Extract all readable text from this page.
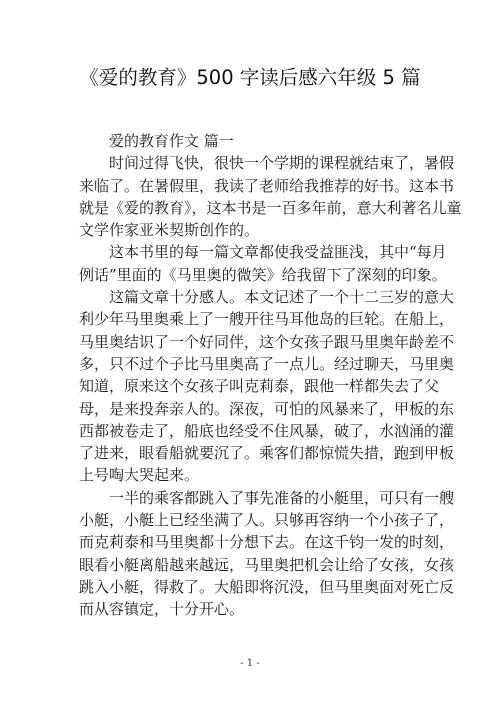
《爱的教育》500 字读后感六年级 5 篇

爱的教育作文 篇一

时间过得飞快，很快一个学期的课程就结束了，暑假

来临了。在暑假里，我读了老师给我推荐的好书。这本书

就是《爱的教育》，这本书是一百多年前，意大利著名儿童

文学作家亚米契斯创作的。

这本书里的每一篇文章都使我受益匪浅，其中“每月

例话”里面的《马里奥的微笑》给我留下了深刻的印象。

这篇文章十分感人。本文记述了一个十二三岁的意大

利少年马里奥乘上了一艘开往马耳他岛的巨轮。在船上，

马里奥结识了一个好同伴，这个女孩子跟马里奥年龄差不

多，只不过个子比马里奥高了一点儿。经过聊天，马里奥

知道，原来这个女孩子叫克莉泰，跟他一样都失去了父

母，是来投奔亲人的。深夜，可怕的风暴来了，甲板的东

西都被卷走了，船底也经受不住风暴，破了，水汹涌的灌

了进来，眼看船就要沉了。乘客们都惊慌失措，跑到甲板

上号啕大哭起来。

一半的乘客都跳入了事先准备的小艇里，可只有一艘

小艇，小艇上已经坐满了人。只够再容纳一个小孩子了，

而克莉泰和马里奥都十分想下去。在这千钧一发的时刻，

眼看小艇离船越来越远，马里奥把机会让给了女孩，女孩

跳入小艇，得救了。大船即将沉没，但马里奥面对死亡反

而从容镇定，十分开心。

- 1 -
